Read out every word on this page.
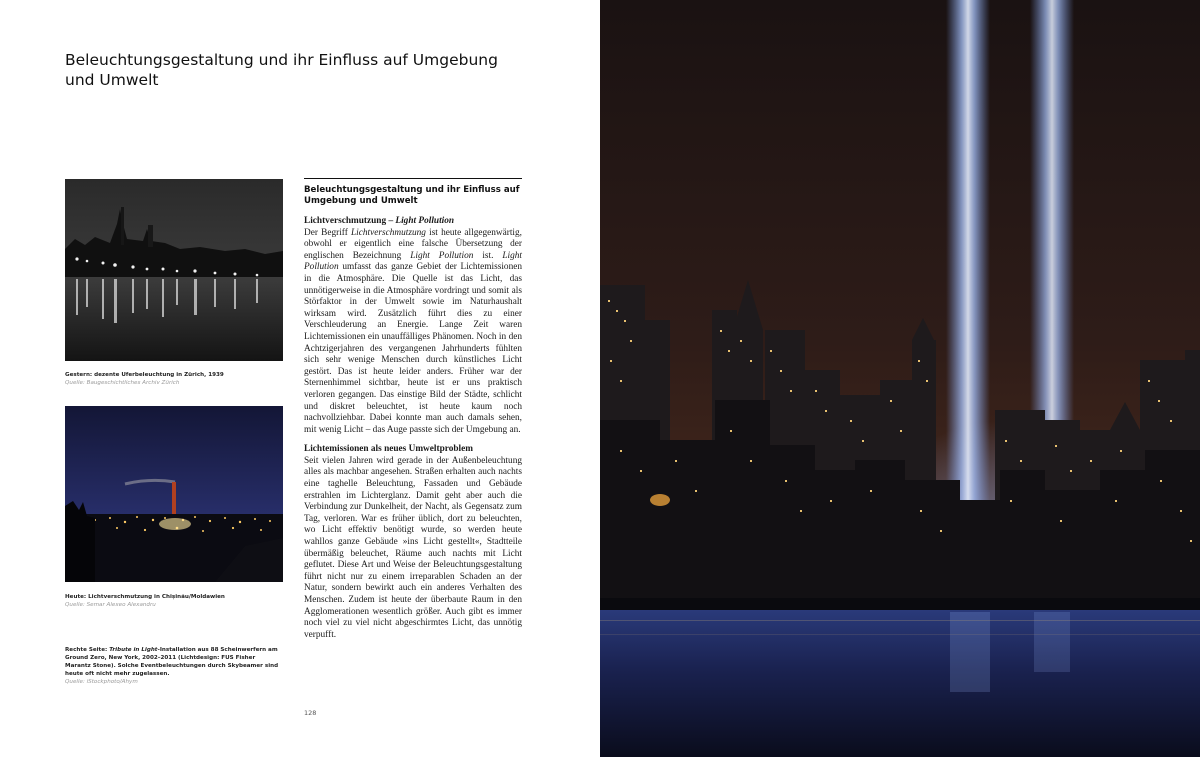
Beleuchtungsgestaltung und ihr Einfluss auf Umgebung und Umwelt
Gestern: dezente Uferbeleuchtung in Zürich, 1939
Quelle: Baugeschichtliches Archiv Zürich
Heute: Lichtverschmutzung in Chișinău/Moldawien
Quelle: Semar Alexeo Alexandru
Rechte Seite: Tribute in Light-Installation aus 88 Scheinwerfern am Ground Zero, New York, 2002–2011 (Lichtdesign: FUS Fisher Marantz Stone). Solche Eventbeleuchtungen durch Skybeamer sind heute oft nicht mehr zugelassen.
Quelle: iStockphoto/Ahym
Beleuchtungsgestaltung und ihr Einfluss auf Umgebung und Umwelt

Lichtverschmutzung – Light Pollution

Der Begriff Lichtverschmutzung ist heute allgegenwärtig, obwohl er eigentlich eine falsche Übersetzung der englischen Bezeichnung Light Pollution ist. Light Pollution umfasst das ganze Gebiet der Lichtemissionen in die Atmosphäre. Die Quelle ist das Licht, das unnötigerweise in die Atmosphäre vordringt und somit als Störfaktor in der Umwelt sowie im Naturhaushalt wirksam wird. Zusätzlich führt dies zu einer Verschleuderung an Energie. Lange Zeit waren Lichtemissionen ein unauffälliges Phänomen. Noch in den Achtzigerjahren des vergangenen Jahrhunderts fühlten sich sehr wenige Menschen durch künstliches Licht gestört. Das ist heute leider anders. Früher war der Sternenhimmel sichtbar, heute ist er uns praktisch verloren gegangen. Das einstige Bild der Städte, schlicht und diskret beleuchtet, ist heute kaum noch nachvollziehbar. Dabei konnte man auch damals sehen, mit wenig Licht – das Auge passte sich der Umgebung an.

Lichtemissionen als neues Umweltproblem

Seit vielen Jahren wird gerade in der Außenbeleuchtung alles als machbar angesehen. Straßen erhalten auch nachts eine taghelle Beleuchtung, Fassaden und Gebäude erstrahlen im Lichterglanz. Damit geht aber auch die Verbindung zur Dunkelheit, der Nacht, als Gegensatz zum Tag, verloren. War es früher üblich, dort zu beleuchten, wo Licht effektiv benötigt wurde, so werden heute wahllos ganze Gebäude »ins Licht gestellt«, Stadtteile übermäßig beleuchet, Räume auch nachts mit Licht geflutet. Diese Art und Weise der Beleuchtungsgestaltung führt nicht nur zu einem irreparablen Schaden an der Natur, sondern bewirkt auch ein anderes Verhalten des Menschen. Zudem ist heute der überbaute Raum in den Agglomerationen wesentlich größer. Auch gibt es immer noch viel zu viel nicht abgeschirmtes Licht, das unnötig verpufft.

128
